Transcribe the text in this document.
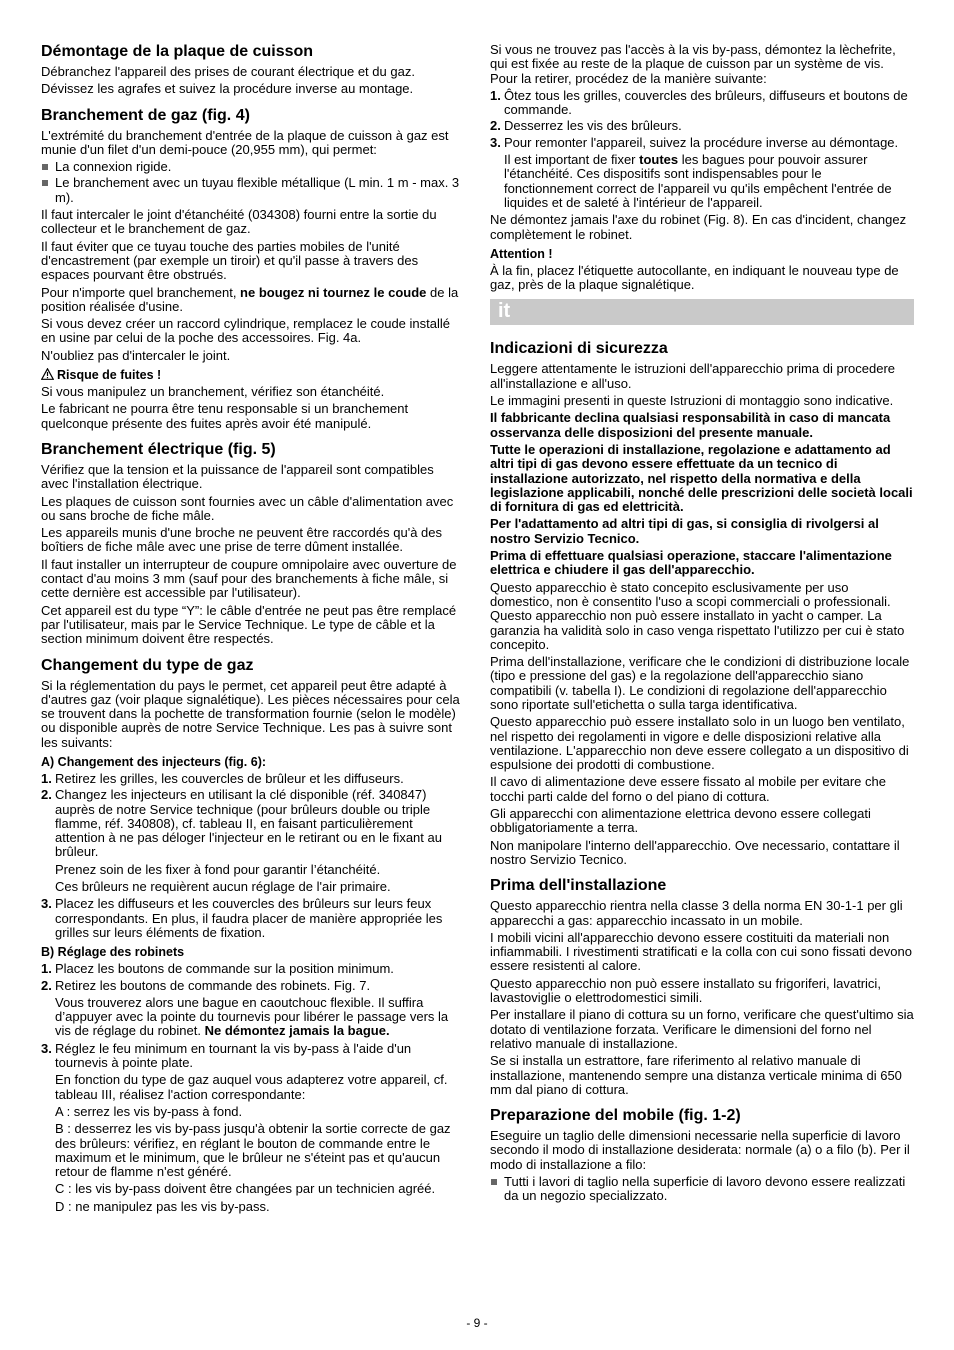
Démontage de la plaque de cuisson

Débranchez l'appareil des prises de courant électrique et du gaz.

Dévissez les agrafes et suivez la procédure inverse au montage.

Branchement de gaz (fig. 4)

L'extrémité du branchement d'entrée de la plaque de cuisson à gaz est munie d'un filet d'un demi-pouce (20,955 mm), qui permet:

La connexion rigide.
Le branchement avec un tuyau flexible métallique (L min. 1 m - max. 3 m).

Il faut intercaler le joint d'étanchéité (034308) fourni entre la sortie du collecteur et le branchement de gaz.

Il faut éviter que ce tuyau touche des parties mobiles de l'unité d'encastrement (par exemple un tiroir) et qu'il passe à travers des espaces pourvant être obstrués.

Pour n'importe quel branchement, ne bougez ni tournez le coude de la position réalisée d'usine.

Si vous devez créer un raccord cylindrique, remplacez le coude installé en usine par celui de la poche des accessoires. Fig. 4a.

N'oubliez pas d'intercaler le joint.

Risque de fuites !

Si vous manipulez un branchement, vérifiez son étanchéité.

Le fabricant ne pourra être tenu responsable si un branchement quelconque présente des fuites après avoir été manipulé.

Branchement électrique (fig. 5)

Vérifiez que la tension et la puissance de l'appareil sont compatibles avec l'installation électrique.

Les plaques de cuisson sont fournies avec un câble d'alimentation avec ou sans broche de fiche mâle.

Les appareils munis d'une broche ne peuvent être raccordés qu'à des boîtiers de fiche mâle avec une prise de terre dûment installée.

Il faut installer un interrupteur de coupure omnipolaire avec ouverture de contact d'au moins 3 mm (sauf pour des branchements à fiche mâle, si cette dernière est accessible par l'utilisateur).

Cet appareil est du type “Y”: le câble d'entrée ne peut pas être remplacé par l'utilisateur, mais par le Service Technique. Le type de câble et la section minimum doivent être respectés.

Changement du type de gaz

Si la réglementation du pays le permet, cet appareil peut être adapté à d'autres gaz (voir plaque signalétique). Les pièces nécessaires pour cela se trouvent dans la pochette de transformation fournie (selon le modèle) ou disponible auprès de notre Service Technique. Les pas à suivre sont les suivants:

A) Changement des injecteurs (fig. 6):
1. Retirez les grilles, les couvercles de brûleur et les diffuseurs.
2. Changez les injecteurs en utilisant la clé disponible (réf. 340847) auprès de notre Service technique (pour brûleurs double ou triple flamme, réf. 340808), cf. tableau II, en faisant particulièrement attention à ne pas déloger l'injecteur en le retirant ou en le fixant au brûleur.

Prenez soin de les fixer à fond pour garantir l’étanchéité.

Ces brûleurs ne requièrent aucun réglage de l'air primaire.

3. Placez les diffuseurs et les couvercles des brûleurs sur leurs feux correspondants. En plus, il faudra placer de manière appropriée les grilles sur leurs éléments de fixation.
B) Réglage des robinets
1. Placez les boutons de commande sur la position minimum.
2. Retirez les boutons de commande des robinets. Fig. 7.

Vous trouverez alors une bague en caoutchouc flexible. Il suffira d’appuyer avec la pointe du tournevis pour libérer le passage vers la vis de réglage du robinet. Ne démontez jamais la bague.

3. Réglez le feu minimum en tournant la vis by-pass à l'aide d'un tournevis à pointe plate.

En fonction du type de gaz auquel vous adapterez votre appareil, cf. tableau III, réalisez l'action correspondante:

A : serrez les vis by-pass à fond.

B : desserrez les vis by-pass jusqu'à obtenir la sortie correcte de gaz des brûleurs: vérifiez, en réglant le bouton de commande entre le maximum et le minimum, que le brûleur ne s'éteint pas et qu'aucun retour de flamme n'est généré.

C : les vis by-pass doivent être changées par un technicien agréé.

D : ne manipulez pas les vis by-pass.

Si vous ne trouvez pas l'accès à la vis by-pass, démontez la lèchefrite, qui est fixée au reste de la plaque de cuisson par un système de vis. Pour la retirer, procédez de la manière suivante:

1. Ôtez tous les grilles, couvercles des brûleurs, diffuseurs et boutons de commande.
2. Desserrez les vis des brûleurs.
3. Pour remonter l'appareil, suivez la procédure inverse au démontage.

Il est important de fixer toutes les bagues pour pouvoir assurer l'étanchéité. Ces dispositifs sont indispensables pour le fonctionnement correct de l'appareil vu qu'ils empêchent l'entrée de liquides et de saleté à l'intérieur de l'appareil.

Ne démontez jamais l'axe du robinet (Fig. 8). En cas d'incident, changez complètement le robinet.

Attention !

À la fin, placez l'étiquette autocollante, en indiquant le nouveau type de gaz, près de la plaque signalétique.

it
Indicazioni di sicurezza

Leggere attentamente le istruzioni dell'apparecchio prima di procedere all'installazione e all'uso.

Le immagini presenti in queste Istruzioni di montaggio sono indicative.

Il fabbricante declina qualsiasi responsabilità in caso di mancata osservanza delle disposizioni del presente manuale.

Tutte le operazioni di installazione, regolazione e adattamento ad altri tipi di gas devono essere effettuate da un tecnico di installazione autorizzato, nel rispetto della normativa e della legislazione applicabili, nonché delle prescrizioni delle società locali di fornitura di gas ed elettricità.

Per l'adattamento ad altri tipi di gas, si consiglia di rivolgersi al nostro Servizio Tecnico.

Prima di effettuare qualsiasi operazione, staccare l'alimentazione elettrica e chiudere il gas dell'apparecchio.

Questo apparecchio è stato concepito esclusivamente per uso domestico, non è consentito l'uso a scopi commerciali o professionali. Questo apparecchio non può essere installato in yacht o camper. La garanzia ha validità solo in caso venga rispettato l'utilizzo per cui è stato concepito.

Prima dell'installazione, verificare che le condizioni di distribuzione locale (tipo e pressione del gas) e la regolazione dell'apparecchio siano compatibili (v. tabella I). Le condizioni di regolazione dell'apparecchio sono riportate sull'etichetta o sulla targa identificativa.

Questo apparecchio può essere installato solo in un luogo ben ventilato, nel rispetto dei regolamenti in vigore e delle disposizioni relative alla ventilazione. L'apparecchio non deve essere collegato a un dispositivo di espulsione dei prodotti di combustione.

Il cavo di alimentazione deve essere fissato al mobile per evitare che tocchi parti calde del forno o del piano di cottura.

Gli apparecchi con alimentazione elettrica devono essere collegati obbligatoriamente a terra.

Non manipolare l'interno dell'apparecchio. Ove necessario, contattare il nostro Servizio Tecnico.

Prima dell'installazione

Questo apparecchio rientra nella classe 3 della norma EN 30-1-1 per gli apparecchi a gas: apparecchio incassato in un mobile.

I mobili vicini all'apparecchio devono essere costituiti da materiali non infiammabili. I rivestimenti stratificati e la colla con cui sono fissati devono essere resistenti al calore.

Questo apparecchio non può essere installato su frigoriferi, lavatrici, lavastoviglie o elettrodomestici simili.

Per installare il piano di cottura su un forno, verificare che quest'ultimo sia dotato di ventilazione forzata. Verificare le dimensioni del forno nel relativo manuale di installazione.

Se si installa un estrattore, fare riferimento al relativo manuale di installazione, mantenendo sempre una distanza verticale minima di 650 mm dal piano di cottura.

Preparazione del mobile (fig. 1-2)

Eseguire un taglio delle dimensioni necessarie nella superficie di lavoro secondo il modo di installazione desiderata: normale (a) o a filo (b). Per il modo di installazione a filo:

Tutti i lavori di taglio nella superficie di lavoro devono essere realizzati da un negozio specializzato.
- 9 -
